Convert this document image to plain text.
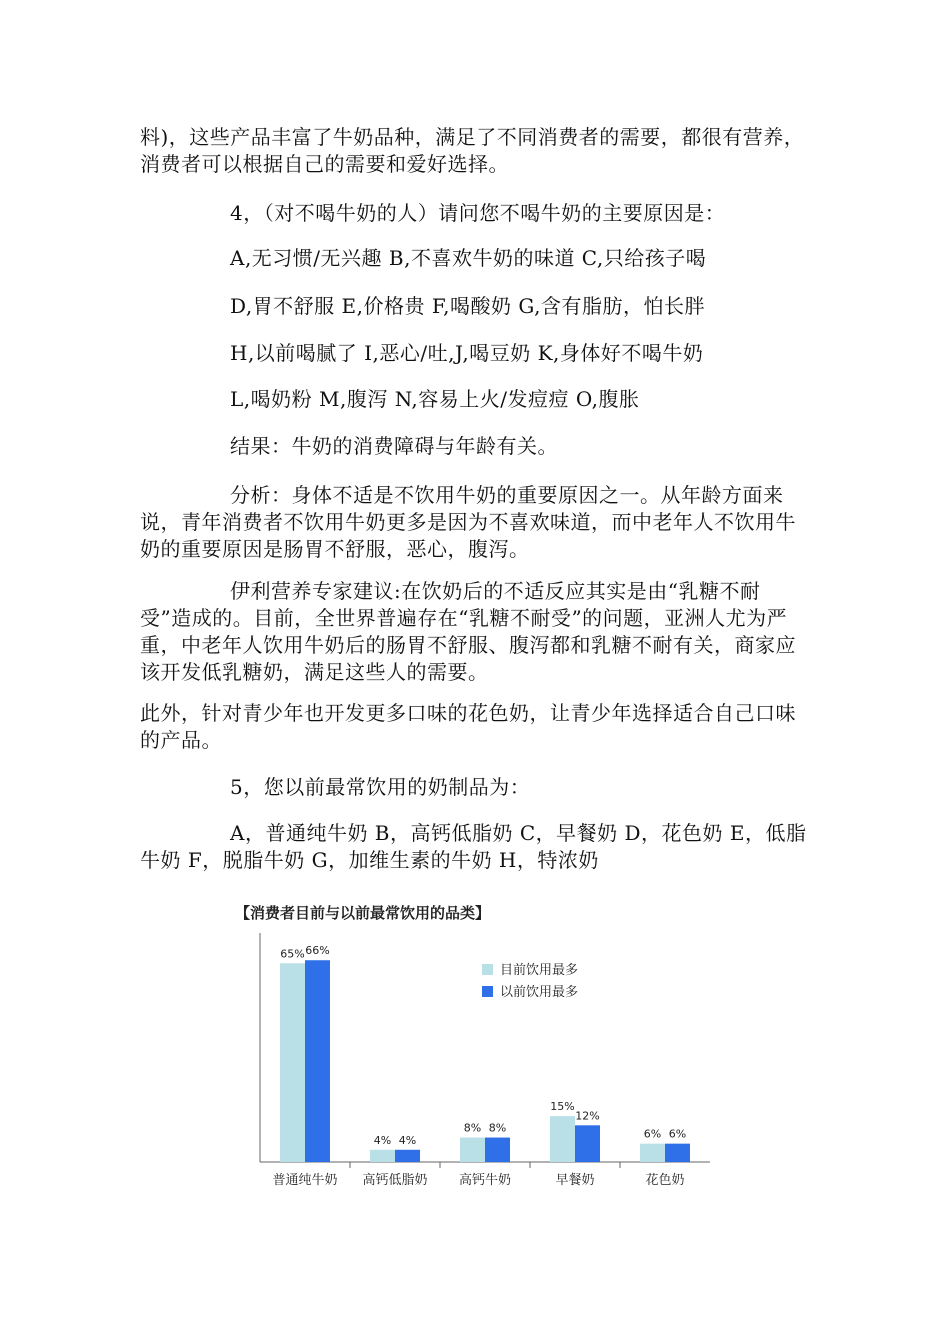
料)，这些产品丰富了牛奶品种，满足了不同消费者的需要，都很有营养，消费者可以根据自己的需要和爱好选择。

4，（对不喝牛奶的人）请问您不喝牛奶的主要原因是：

A,无习惯/无兴趣 B,不喜欢牛奶的味道 C,只给孩子喝

D,胃不舒服 E,价格贵 F,喝酸奶 G,含有脂肪，怕长胖

H,以前喝腻了 I,恶心/吐,J,喝豆奶 K,身体好不喝牛奶

L,喝奶粉 M,腹泻 N,容易上火/发痘痘 O,腹胀

结果：牛奶的消费障碍与年龄有关。

分析：身体不适是不饮用牛奶的重要原因之一。从年龄方面来说，青年消费者不饮用牛奶更多是因为不喜欢味道，而中老年人不饮用牛奶的重要原因是肠胃不舒服，恶心，腹泻。

伊利营养专家建议:在饮奶后的不适反应其实是由“乳糖不耐受”造成的。目前，全世界普遍存在“乳糖不耐受”的问题，亚洲人尤为严重，中老年人饮用牛奶后的肠胃不舒服、腹泻都和乳糖不耐有关，商家应该开发低乳糖奶，满足这些人的需要。

此外，针对青少年也开发更多口味的花色奶，让青少年选择适合自己口味的产品。

5，您以前最常饮用的奶制品为：

A，普通纯牛奶 B，高钙低脂奶 C，早餐奶 D，花色奶 E，低脂牛奶 F，脱脂牛奶 G，加维生素的牛奶 H，特浓奶

【消费者目前与以前最常饮用的品类】
65% 66%
普通纯牛奶
4% 4%
高钙低脂奶
8% 8%
高钙牛奶
15%
12%
早餐奶
6% 6%
花色奶
目前饮用最多
以前饮用最多
